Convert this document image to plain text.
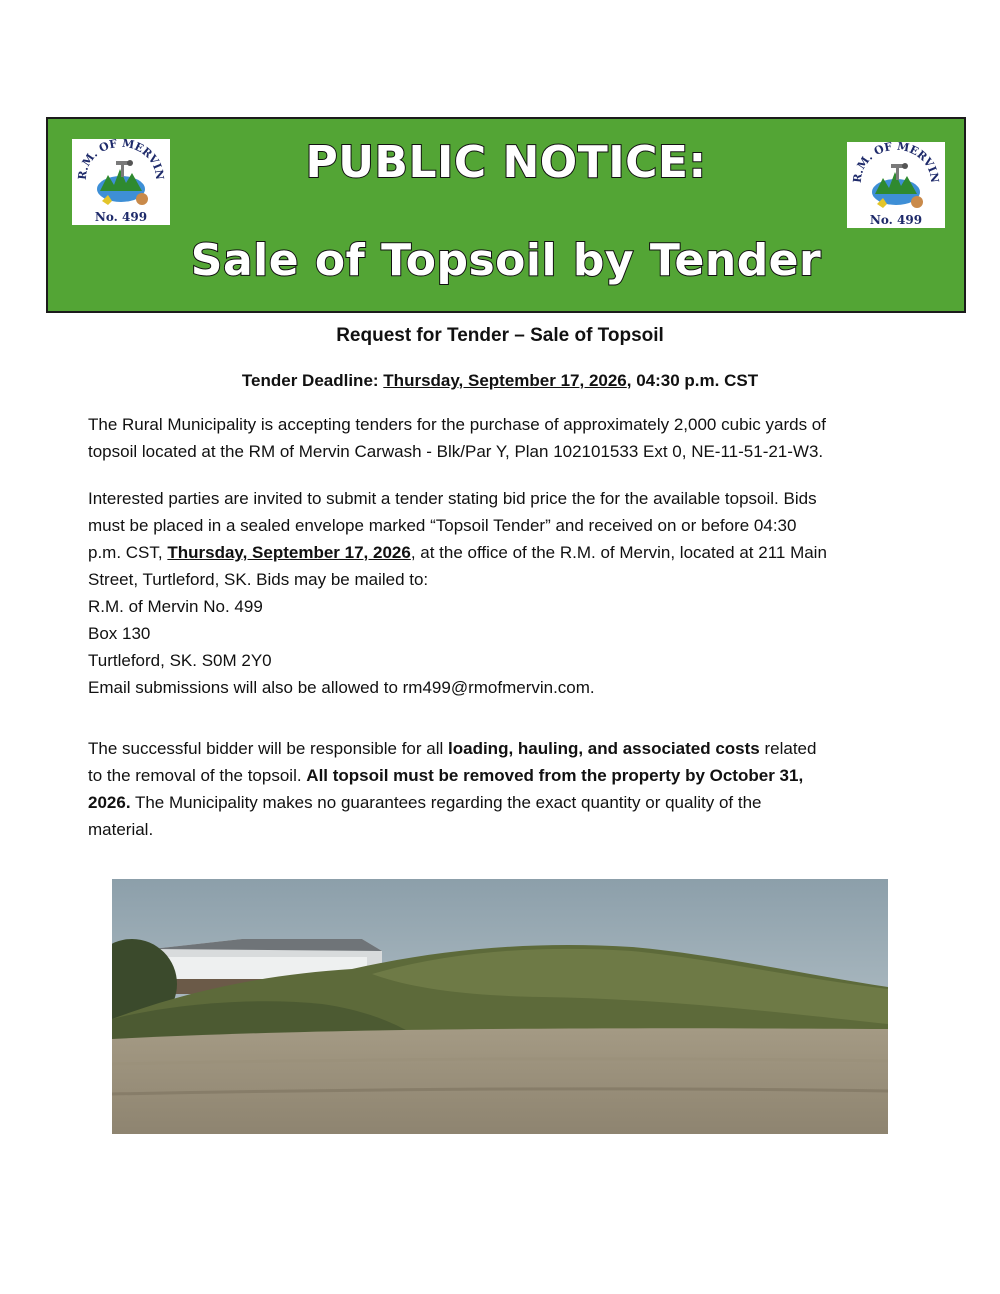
R.M. OF MERVIN
No. 499
PUBLIC NOTICE:
Sale of Topsoil by Tender
R.M. OF MERVIN
No. 499
Request for Tender – Sale of Topsoil
Tender Deadline: Thursday, September 17, 2026, 04:30 p.m. CST
The Rural Municipality is accepting tenders for the purchase of approximately 2,000 cubic yards of
topsoil located at the RM of Mervin Carwash - Blk/Par Y, Plan 102101533 Ext 0, NE-11-51-21-W3.
Interested parties are invited to submit a tender stating bid price the for the available topsoil. Bids
must be placed in a sealed envelope marked “Topsoil Tender” and received on or before 04:30
p.m. CST, Thursday, September 17, 2026, at the office of the R.M. of Mervin, located at 211 Main
Street, Turtleford, SK. Bids may be mailed to:
R.M. of Mervin No. 499
Box 130
Turtleford, SK. S0M 2Y0
Email submissions will also be allowed to rm499@rmofmervin.com.
The successful bidder will be responsible for all loading, hauling, and associated costs related
to the removal of the topsoil. All topsoil must be removed from the property by October 31,
2026. The Municipality makes no guarantees regarding the exact quantity or quality of the
material.
